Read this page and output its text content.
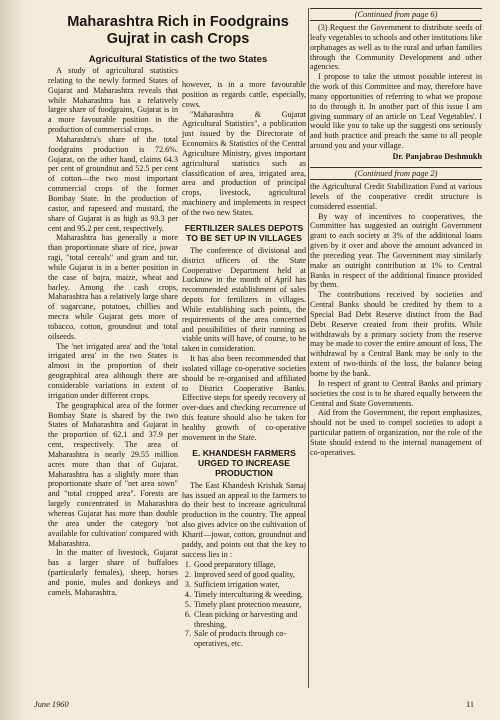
Maharashtra Rich in Foodgrains Gujrat in cash Crops
Agricultural Statistics of the two States

A study of agricultural statistics relating to the newly formed States of Gujarat and Maharashtra reveals that while Maharashtra has a relatively larger share of foodgrains, Gujarat is in a more favourable position in the production of commercial crops.

Maharashtra's share of the total foodgrains production is 72.6%. Gujarat, on the other hand, claims 64.3 per cent of groundnut and 52.5 per cent of cotton—the two most important commercial crops of the former Bombay State. In the production of castor, and rapeseed and mustard, the share of Gujarat is as high as 93.3 per cent and 95.2 per cent, respectively.

Maharashtra has generally a more than proportionate share of rice, jowar ragi, "total cereals" and gram and tur, while Gujarat is in a better position in the case of bajra, maize, wheat and barley. Among the cash crops, Maharashtra has a relatively large share of sugarcane, potatoes, chillies and meста while Gujarat gets more of tobacco, cotton, groundnut and total oilseeds.

The 'net irrigated area' and the 'total irrigated area' in the two States is almost in the proportion of their geographical area although there are considerable variations in extent of irrigation under different crops.

The geographical area of the former Bombay State is shared by the two States of Maharashtra and Gujarat in the proportion of 62.1 and 37.9 per cent, respectively. The area of Maharashtra is nearly 29.55 million acres more than that of Gujarat. Maharashtra has a slightly more than proportionate share of "net area sown" and "total cropped area". Forests are largely concentrated in Maharashtra whereas Gujarat has more than double the area under the category 'not available for cultivation' compared with Maharashtra.

In the matter of livestock, Gujarat has a larger share of buffaloes (particularly females), sheep, horses and ponie, mules and donkeys and camels. Maharashtra,

however, is in a more favourable position as regards cattle, especially, cows.

"Maharashtra & Gujarat Agricultural Statistics", a publication just issued by the Directorate of Economics & Statistics of the Central Agriculture Ministry, gives important agricultural statistics such as classification of area, irrigated area, area and production of principal crops, livestock, agricultural machinery and implements in respect of the two new States.

FERTILIZER SALES DEPOTS TO BE SET UP IN VILLAGES

The conference of divisional and district officers of the State Cooperative Department held at Lucknow in the month of April has recommended establishment of sales depots for fertilizers in villages. While establishing such points, the requirements of the area concerned and possibilities of their running as viable units will have, of course, to be taken in consideration.

It has also been recommended that isolated village co-operative societies should be re-organised and affiliated to District Cooperative Banks. Effective steps for speedy recovery of over-dues and checking recurrence of this feature should also be taken for healthy growth of co-operative movement in the State.

E. KHANDESH FARMERS URGED TO INCREASE PRODUCTION

The East Khandesh Krishak Samaj has issued an appeal to the farmers to do their best to increase agricultural production in the country. The appeal also gives advice on the cultivation of Kharif—jowar, cotton, groundnut and paddy, and points out that the key to success lies in :

1. Good preparatory tillage,
2. Improved seed of good quality,
3. Sufficient irrigation water,
4. Timely interculturing & weeding,
5. Timely plant protection measure,
6. Clean picking or harvesting and threshing,
7. Sale of products through co-operatives, etc.
(Continued from page 6)

(3) Request the Government to distribute seeds of leafy vegetables to schools and other institutions like orphanages as well as to the rural and urban families through the Community Development and other agencies.

I propose to take the utmost possible interest in the work of this Committee and may, therefore have many opportunities of referring to what we propose to do through it. In another part of this issue I am giving summary of an article on 'Leaf Vegetables'. I would like you to take up the suggesti ons seriously and both practice and preach the same to all people around you and your village.

Dr. Panjabrao Deshmukh
(Continued from page 2)

the Agricultural Credit Stabilization Fund at various levels of the cooperative credit structure is considered essential.

By way of incentives to cooperatives, the Committee has suggested an outright Government grant to each society at 3% of the additional loans given by it over and above the amount advanced in the preceding year. The Government may similarly make an outright contribution at 1% to Central Banks in respect of the additional finance provided by them.

The contributions received by societies and Central Banks should be credited by them to a Special Bad Debt Reserve distinct from the Bad Debt Reserve created from their profits. While withdrawals by a primary society from the reserve may be made to cover the entire amount of loss, The withdrawal by a Central Bank may be only to the extent of two-thirds of the loss, the balance being borne by the bank.

In respect of grant to Central Banks and primary societies the cost is to be shared equally between the Central and State Governments.

Aid from the Government, the report emphasizes, should not be used to compel societies to adopt a particular pattern of organization, nor the role of the State should extend to the internal management of co-operatives.

June 1960	11
